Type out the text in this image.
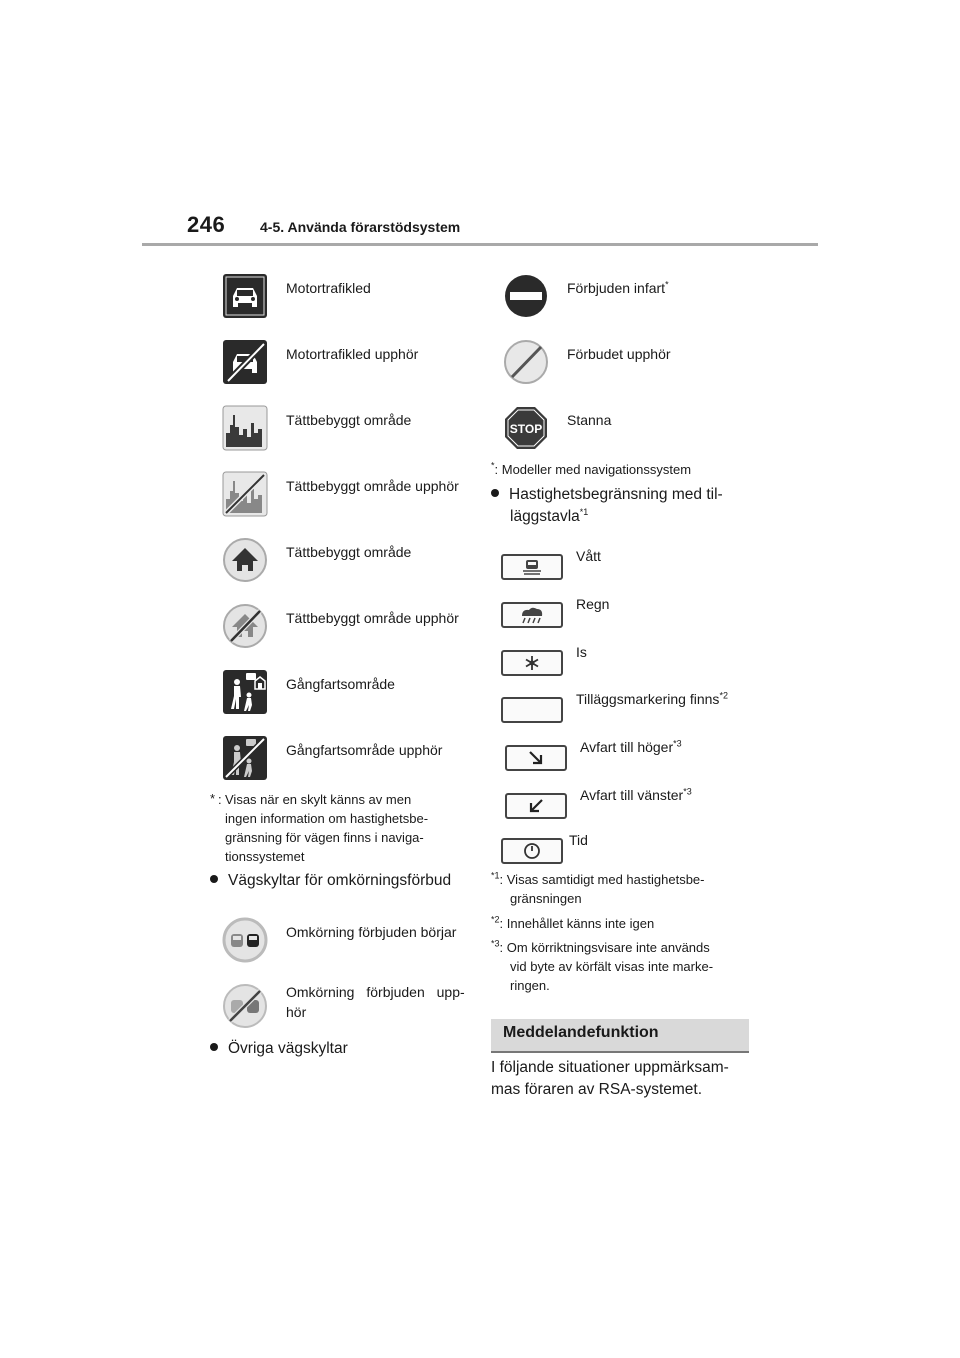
246 4-5. Använda förarstödsystem
Motortrafikled
Motortrafikled upphör
Tättbebyggt område
Tättbebyggt område upphör
Tättbebyggt område
Tättbebyggt område upphör
Gångfartsområde
Gångfartsområde upphör
* : Visas när en skylt känns av men
ingen information om hastighetsbe-
gränsning för vägen finns i naviga-
tionssystemet
Vägskyltar för omkörningsförbud
Omkörning förbjuden börjar
Omkörning förbjuden upp-
hör
Övriga vägskyltar
Förbjuden infart*
Förbudet upphör
STOP
Stanna
*: Modeller med navigationssystem
Hastighetsbegränsning med til-
läggstavla$^{*1}$
Vått
Regn
Is
Tilläggsmarkering finns$^{*2}$
Avfart till höger$^{*3}$
Avfart till vänster$^{*3}$
Tid
$^{*1}$: Visas samtidigt med hastighetsbe-
gränsningen
$^{*2}$: Innehållet känns inte igen
$^{*3}$: Om körriktningsvisare inte används
vid byte av körfält visas inte marke-
ringen.
Meddelandefunktion
I följande situationer uppmärksam-
mas föraren av RSA-systemet.
